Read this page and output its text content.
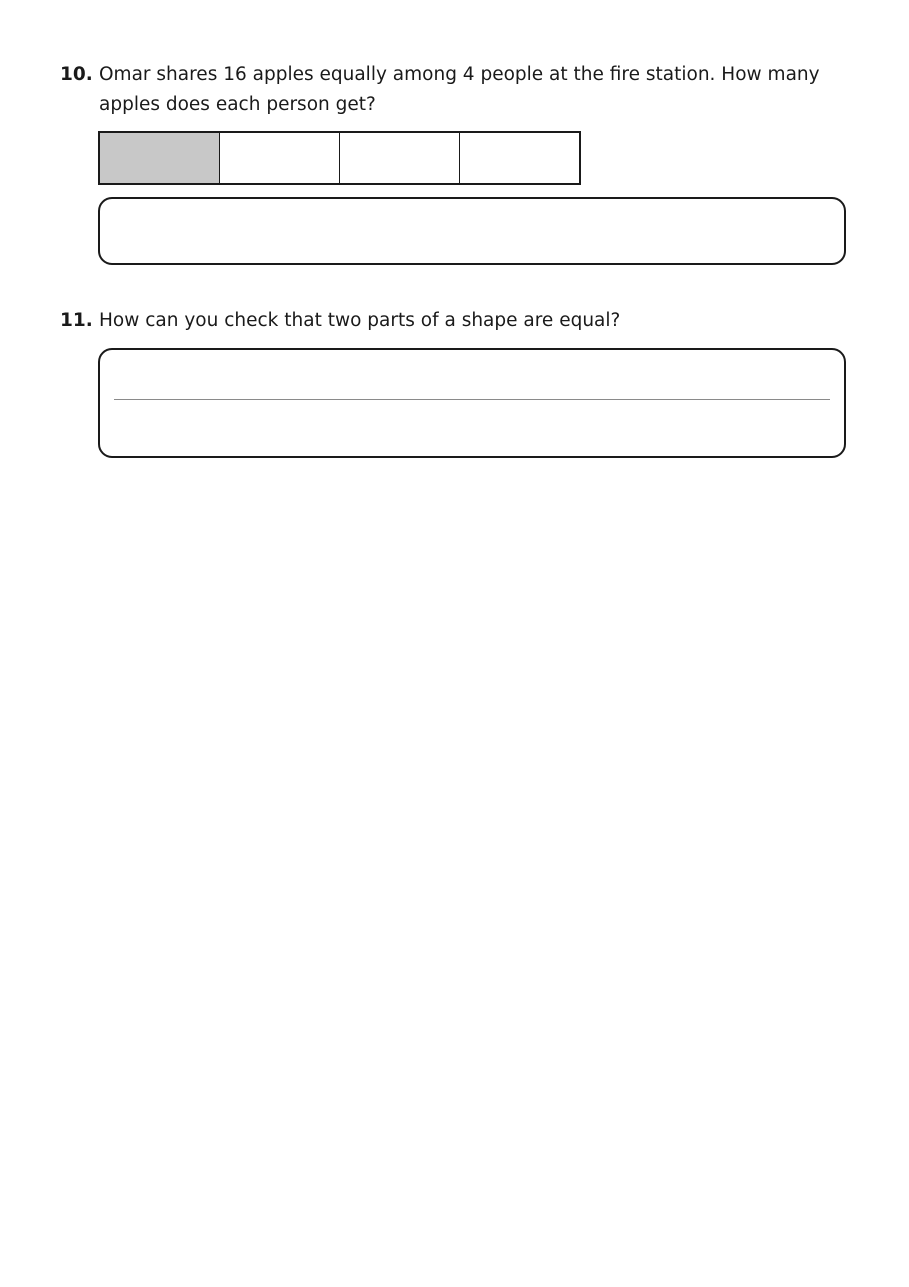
10. Omar shares 16 apples equally among 4 people at the fire station. How many apples does each person get?
11. How can you check that two parts of a shape are equal?
